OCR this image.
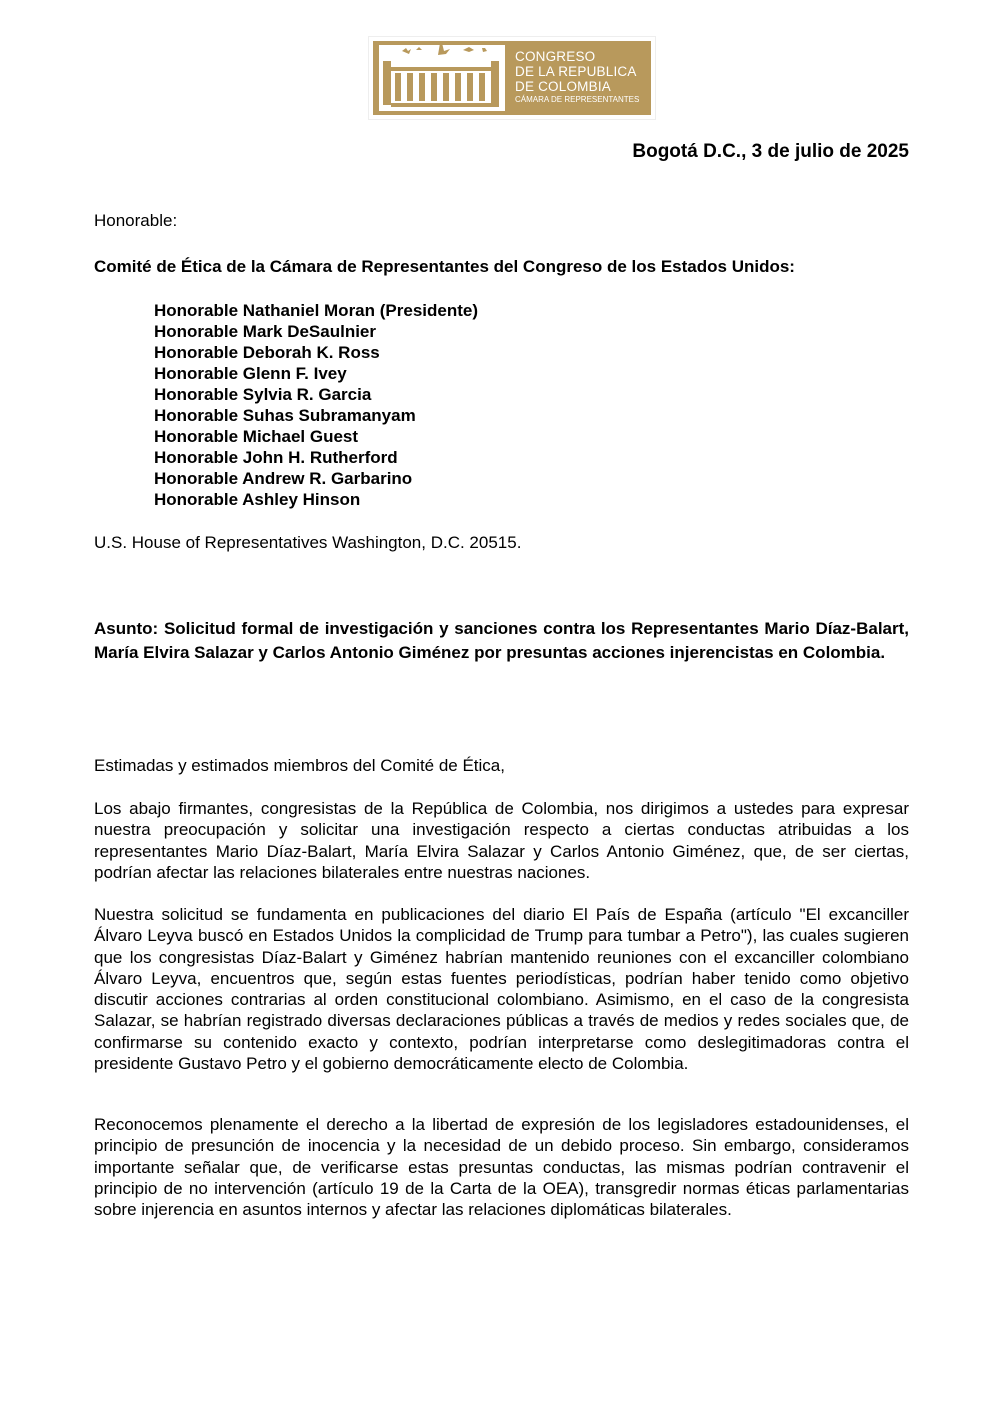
CONGRESO
DE LA REPUBLICA
DE COLOMBIA
CÁMARA DE REPRESENTANTES
Bogotá D.C., 3 de julio de 2025
Honorable:
Comité de Ética de la Cámara de Representantes del Congreso de los Estados Unidos:
Honorable Nathaniel Moran (Presidente)
Honorable Mark DeSaulnier
Honorable Deborah K. Ross
Honorable Glenn F. Ivey
Honorable Sylvia R. Garcia
Honorable Suhas Subramanyam
Honorable Michael Guest
Honorable John H. Rutherford
Honorable Andrew R. Garbarino
Honorable Ashley Hinson
U.S. House of Representatives Washington, D.C. 20515.
Asunto: Solicitud formal de investigación y sanciones contra los Representantes Mario Díaz-Balart, María Elvira Salazar y Carlos Antonio Giménez por presuntas acciones injerencistas en Colombia.
Estimadas y estimados miembros del Comité de Ética,
Los abajo firmantes, congresistas de la República de Colombia, nos dirigimos a ustedes para expresar nuestra preocupación y solicitar una investigación respecto a ciertas conductas atribuidas a los representantes Mario Díaz-Balart, María Elvira Salazar y Carlos Antonio Giménez, que, de ser ciertas, podrían afectar las relaciones bilaterales entre nuestras naciones.
Nuestra solicitud se fundamenta en publicaciones del diario El País de España (artículo "El excanciller Álvaro Leyva buscó en Estados Unidos la complicidad de Trump para tumbar a Petro"), las cuales sugieren que los congresistas Díaz-Balart y Giménez habrían mantenido reuniones con el excanciller colombiano Álvaro Leyva, encuentros que, según estas fuentes periodísticas, podrían haber tenido como objetivo discutir acciones contrarias al orden constitucional colombiano. Asimismo, en el caso de la congresista Salazar, se habrían registrado diversas declaraciones públicas a través de medios y redes sociales que, de confirmarse su contenido exacto y contexto, podrían interpretarse como deslegitimadoras contra el presidente Gustavo Petro y el gobierno democráticamente electo de Colombia.
Reconocemos plenamente el derecho a la libertad de expresión de los legisladores estadounidenses, el principio de presunción de inocencia y la necesidad de un debido proceso. Sin embargo, consideramos importante señalar que, de verificarse estas presuntas conductas, las mismas podrían contravenir el principio de no intervención (artículo 19 de la Carta de la OEA), transgredir normas éticas parlamentarias sobre injerencia en asuntos internos y afectar las relaciones diplomáticas bilaterales.
